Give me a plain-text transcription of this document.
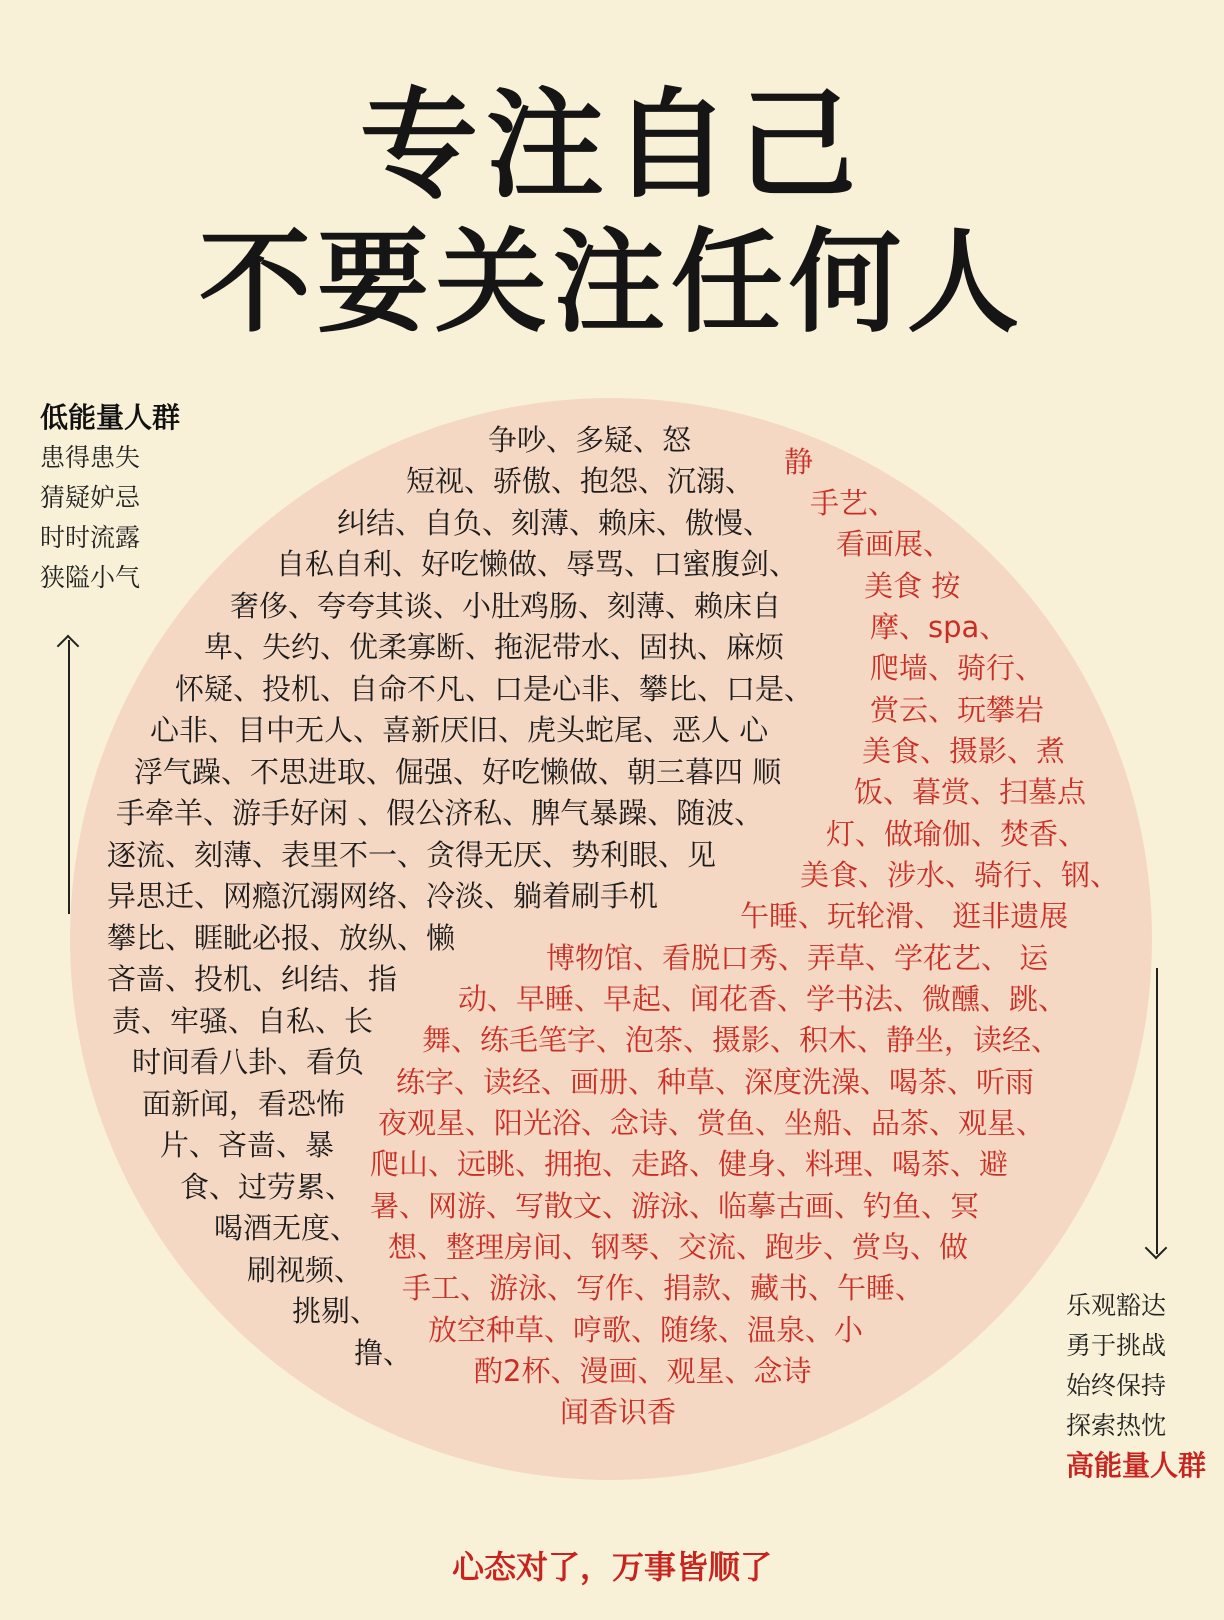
专注自己
不要关注任何人
低能量人群
患得患失
猜疑妒忌
时时流露
狭隘小气
乐观豁达
勇于挑战
始终保持
探索热忱
高能量人群

争吵、多疑、怒

短视、骄傲、抱怨、沉溺、

纠结、自负、刻薄、赖床、傲慢、

自私自利、好吃懒做、辱骂、口蜜腹剑、

奢侈、夸夸其谈、小肚鸡肠、刻薄、赖床自

卑、失约、优柔寡断、拖泥带水、固执、麻烦

怀疑、投机、自命不凡、口是心非、攀比、口是、

心非、目中无人、喜新厌旧、虎头蛇尾、恶人 心

浮气躁、不思进取、倔强、好吃懒做、朝三暮四 顺

手牵羊、游手好闲 、假公济私、脾气暴躁、随波、

逐流、刻薄、表里不一、贪得无厌、势利眼、见

异思迁、网瘾沉溺网络、冷淡、躺着刷手机

攀比、睚眦必报、放纵、懒

吝啬、投机、纠结、指

责、牢骚、自私、长

时间看八卦、看负

面新闻，看恐怖

片、吝啬、暴

食、过劳累、

喝酒无度、

刷视频、

挑剔、

撸、

静

手艺、

看画展、

美食 按

摩、spa、

爬墙、骑行、

赏云、玩攀岩

美食、摄影、煮

饭、暮赏、扫墓点

灯、做瑜伽、焚香、

美食、涉水、骑行、钢、

午睡、玩轮滑、 逛非遗展

博物馆、看脱口秀、弄草、学花艺、 运

动、早睡、早起、闻花香、学书法、微醺、跳、

舞、练毛笔字、泡茶、摄影、积木、静坐，读经、

练字、读经、画册、种草、深度洗澡、喝茶、听雨

夜观星、阳光浴、念诗、赏鱼、坐船、品茶、观星、

爬山、远眺、拥抱、走路、健身、料理、喝茶、避

暑、网游、写散文、游泳、临摹古画、钓鱼、冥

想、整理房间、钢琴、交流、跑步、赏鸟、做

手工、游泳、写作、捐款、藏书、午睡、

放空种草、哼歌、随缘、温泉、小

酌2杯、漫画、观星、念诗

闻香识香

心态对了，万事皆顺了
